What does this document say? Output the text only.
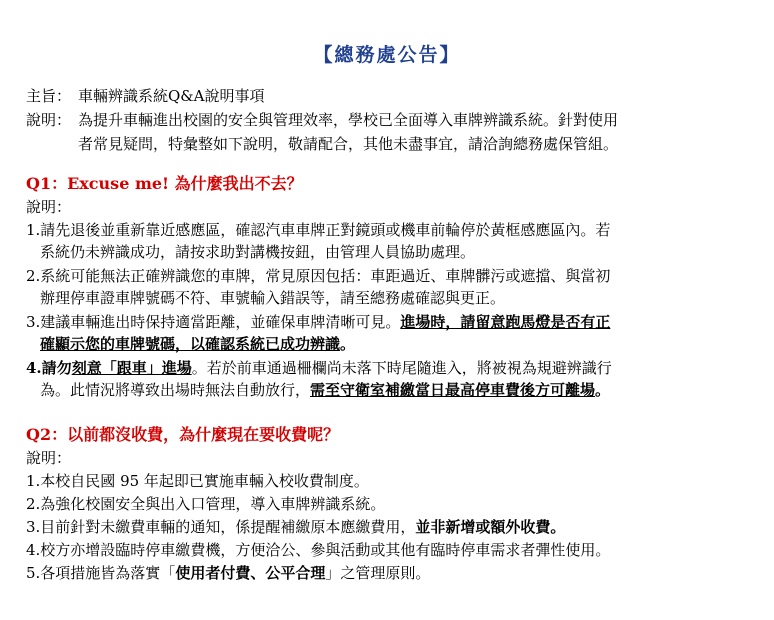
【總務處公告】
主旨： 車輛辨識系統Q&A說明事項
說明： 為提升車輛進出校園的安全與管理效率，學校已全面導入車牌辨識系統。針對使用
者常見疑問，特彙整如下說明，敬請配合，其他未盡事宜，請洽詢總務處保管組。
Q1：Excuse me! 為什麼我出不去？
說明：
1.請先退後並重新靠近感應區，確認汽車車牌正對鏡頭或機車前輪停於黃框感應區內。若
系統仍未辨識成功，請按求助對講機按鈕，由管理人員協助處理。
2.系統可能無法正確辨識您的車牌，常見原因包括：車距過近、車牌髒污或遮擋、與當初
辦理停車證車牌號碼不符、車號輸入錯誤等，請至總務處確認與更正。
3.建議車輛進出時保持適當距離，並確保車牌清晰可見。進場時，請留意跑馬燈是否有正
確顯示您的車牌號碼，以確認系統已成功辨識。
4.請勿刻意「跟車」進場。若於前車通過柵欄尚未落下時尾隨進入，將被視為規避辨識行
為。此情況將導致出場時無法自動放行，需至守衛室補繳當日最高停車費後方可離場。
Q2：以前都沒收費，為什麼現在要收費呢？
說明：
1.本校自民國 95 年起即已實施車輛入校收費制度。
2.為強化校園安全與出入口管理，導入車牌辨識系統。
3.目前針對未繳費車輛的通知，係提醒補繳原本應繳費用，並非新增或額外收費。
4.校方亦增設臨時停車繳費機，方便洽公、參與活動或其他有臨時停車需求者彈性使用。
5.各項措施皆為落實「使用者付費、公平合理」之管理原則。
